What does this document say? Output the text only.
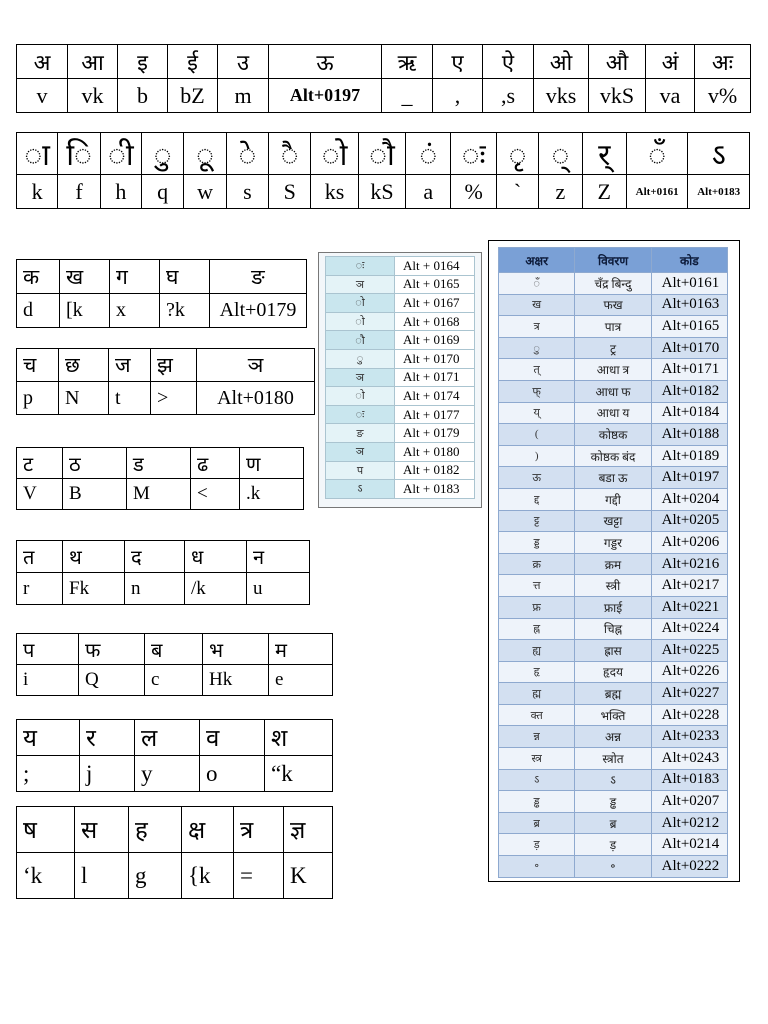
अ	आ	इ	ई	उ	ऊ	ऋ	ए	ऐ	ओ	औ	अं	अः
v	vk	b	bZ	m	Alt+0197	_	,	,s	vks	vkS	va	v%
ा	ि	ी	ु	ू	े	ै	ो	ौ	ं	ः	ृ	्	र्	ँ	ऽ
k	f	h	q	w	s	S	ks	kS	a	%	`	z	Z	Alt+0161	Alt+0183
क	ख	ग	घ	ङ
d	[k	x	?k	Alt+0179
च	छ	ज	झ	ञ
p	N	t	>	Alt+0180
ट	ठ	ड	ढ	ण
V	B	M	<	.k
त	थ	द	ध	न
r	Fk	n	/k	u
प	फ	ब	भ	म
i	Q	c	Hk	e
य	र	ल	व	श
;	j	y	o	“k
ष	स	ह	क्ष	त्र	ज्ञ
‘k	l	g	{k	=	K
ः	Alt + 0164
ञ	Alt + 0165
ो	Alt + 0167
ो	Alt + 0168
ौ	Alt + 0169
ु	Alt + 0170
ञ	Alt + 0171
ो	Alt + 0174
ः	Alt + 0177
ङ	Alt + 0179
ञ	Alt + 0180
प	Alt + 0182
ऽ	Alt + 0183
अक्षर	विवरण	कोड
ँ	चँद्र बिन्दु	Alt+0161
ख	फख	Alt+0163
त्र	पात्र	Alt+0165
ु	ट्र	Alt+0170
त्	आधा त्र	Alt+0171
फ्	आधा फ	Alt+0182
य्	आधा य	Alt+0184
(	कोष्ठक	Alt+0188
)	कोष्ठक बंद	Alt+0189
ऊ	बडा ऊ	Alt+0197
द्द	गद्दी	Alt+0204
ट्ट	खट्टा	Alt+0205
ड्ड	गड्डर	Alt+0206
क्र	क्रम	Alt+0216
त्त	स्त्री	Alt+0217
फ्र	फ्राई	Alt+0221
ह्न	चिह्न	Alt+0224
ह्य	ह्रास	Alt+0225
हृ	हृदय	Alt+0226
ह्म	ब्रह्म	Alt+0227
क्त	भक्ति	Alt+0228
न्न	अन्न	Alt+0233
स्त्र	स्त्रोत	Alt+0243
ऽ	ऽ	Alt+0183
ड्ढ	ड्ढ	Alt+0207
ब्र	ब्र	Alt+0212
ड़	ड़	Alt+0214
॰	॰	Alt+0222
